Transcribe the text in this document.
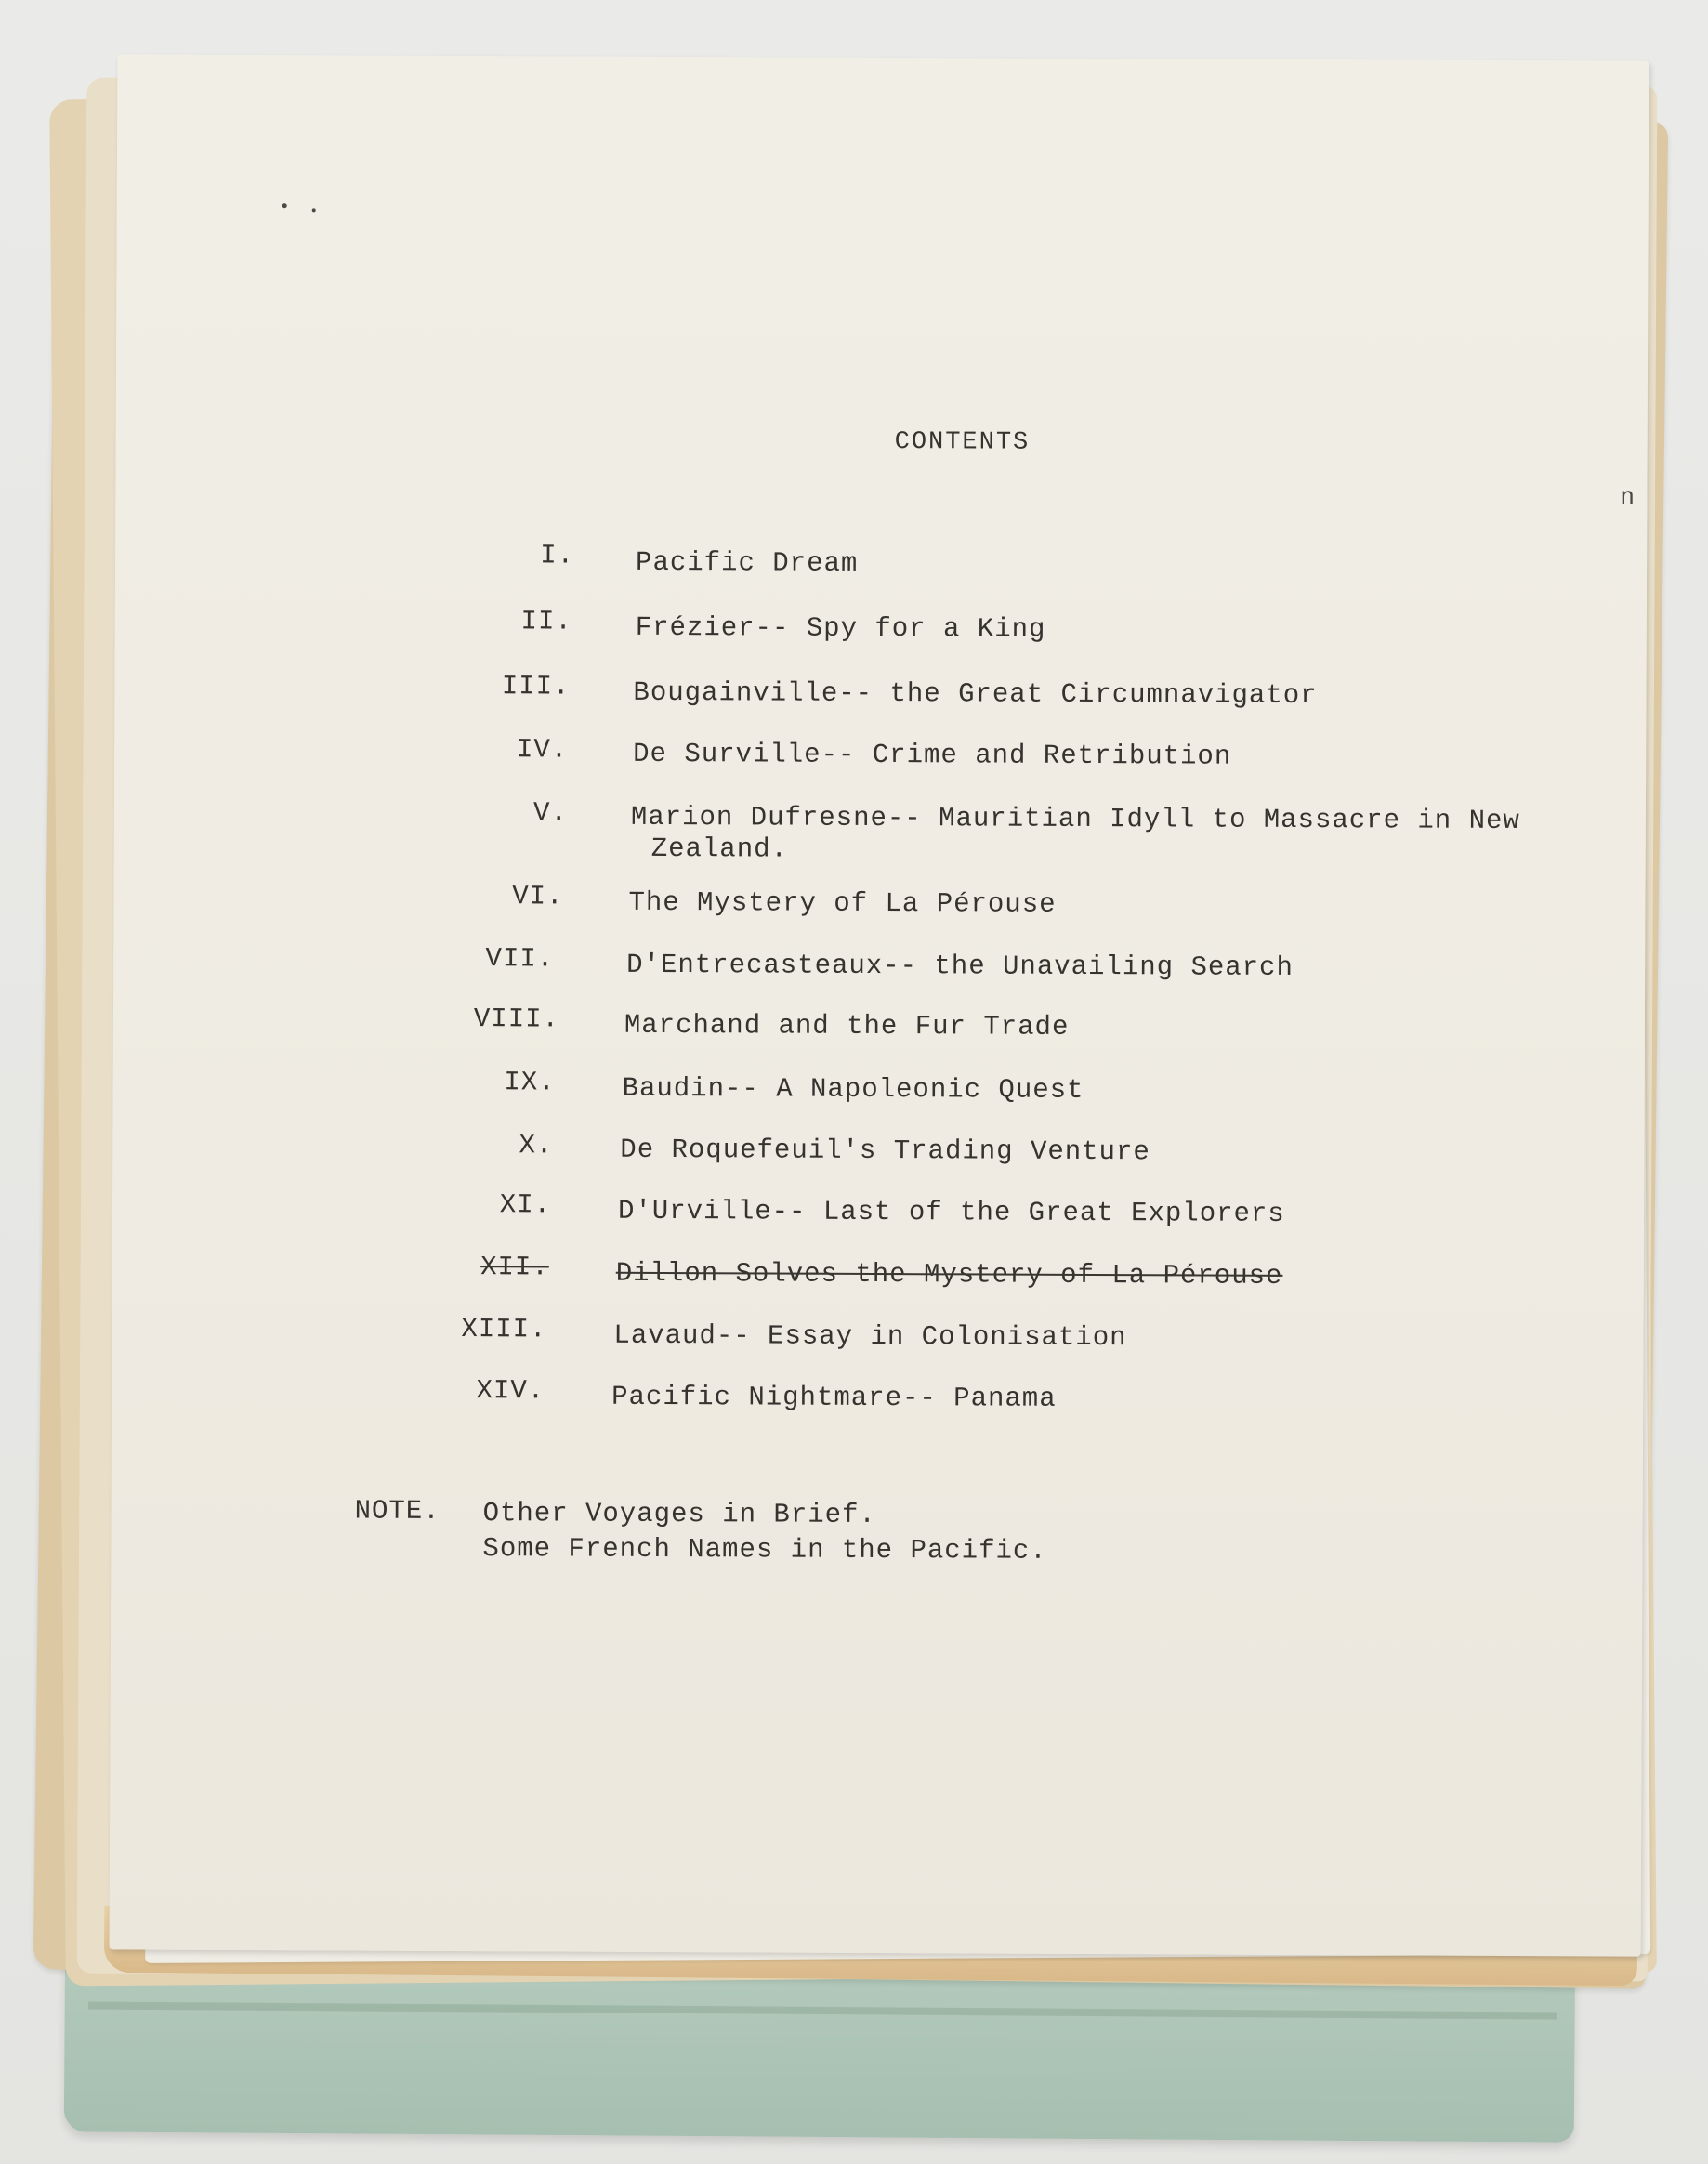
CONTENTS

I. Pacific Dream

II. Frézier-- Spy for a King

III. Bougainville-- the Great Circumnavigator

IV. De Surville-- Crime and Retribution

V. Marion Dufresne-- Mauritian Idyll to Massacre in New

Zealand.

VI. The Mystery of La Pérouse

VII.	D'Entrecasteaux-- the Unavailing Search

VIII. Marchand and the Fur Trade

IX. Baudin-- A Napoleonic Quest

X. De Roquefeuil's Trading Venture

XI. D'Urville-- Last of the Great Explorers

XII. Dillon Solves the Mystery of La Pérouse

XIII. Lavaud-- Essay in Colonisation

XIV. Pacific Nightmare-- Panama

NOTE. Other Voyages in Brief.

Some French Names in the Pacific.

n
